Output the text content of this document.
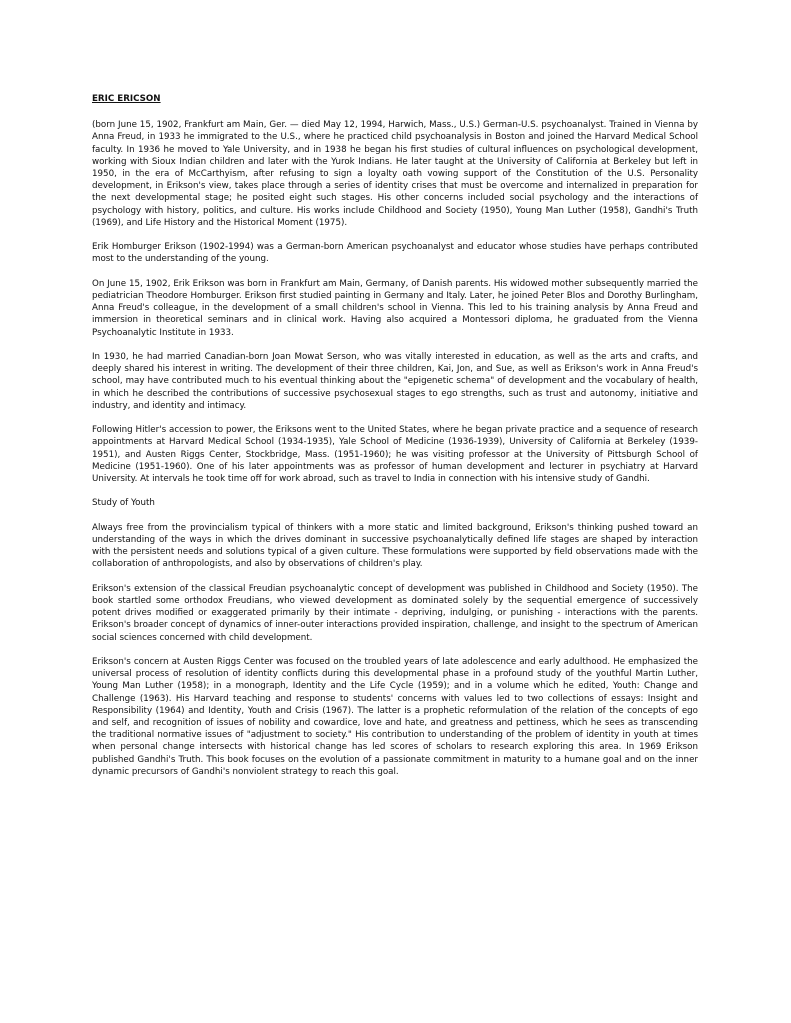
ERIC ERICSON

(born June 15, 1902, Frankfurt am Main, Ger. — died May 12, 1994, Harwich, Mass., U.S.) German-U.S. psychoanalyst. Trained in Vienna by Anna Freud, in 1933 he immigrated to the U.S., where he practiced child psychoanalysis in Boston and joined the Harvard Medical School faculty. In 1936 he moved to Yale University, and in 1938 he began his first studies of cultural influences on psychological development, working with Sioux Indian children and later with the Yurok Indians. He later taught at the University of California at Berkeley but left in 1950, in the era of McCarthyism, after refusing to sign a loyalty oath vowing support of the Constitution of the U.S. Personality development, in Erikson's view, takes place through a series of identity crises that must be overcome and internalized in preparation for the next developmental stage; he posited eight such stages. His other concerns included social psychology and the interactions of psychology with history, politics, and culture. His works include Childhood and Society (1950), Young Man Luther (1958), Gandhi's Truth (1969), and Life History and the Historical Moment (1975).

Erik Homburger Erikson (1902-1994) was a German-born American psychoanalyst and educator whose studies have perhaps contributed most to the understanding of the young.

On June 15, 1902, Erik Erikson was born in Frankfurt am Main, Germany, of Danish parents. His widowed mother subsequently married the pediatrician Theodore Homburger. Erikson first studied painting in Germany and Italy. Later, he joined Peter Blos and Dorothy Burlingham, Anna Freud's colleague, in the development of a small children's school in Vienna. This led to his training analysis by Anna Freud and immersion in theoretical seminars and in clinical work. Having also acquired a Montessori diploma, he graduated from the Vienna Psychoanalytic Institute in 1933.

In 1930, he had married Canadian-born Joan Mowat Serson, who was vitally interested in education, as well as the arts and crafts, and deeply shared his interest in writing. The development of their three children, Kai, Jon, and Sue, as well as Erikson's work in Anna Freud's school, may have contributed much to his eventual thinking about the "epigenetic schema" of development and the vocabulary of health, in which he described the contributions of successive psychosexual stages to ego strengths, such as trust and autonomy, initiative and industry, and identity and intimacy.

Following Hitler's accession to power, the Eriksons went to the United States, where he began private practice and a sequence of research appointments at Harvard Medical School (1934-1935), Yale School of Medicine (1936-1939), University of California at Berkeley (1939-1951), and Austen Riggs Center, Stockbridge, Mass. (1951-1960); he was visiting professor at the University of Pittsburgh School of Medicine (1951-1960). One of his later appointments was as professor of human development and lecturer in psychiatry at Harvard University. At intervals he took time off for work abroad, such as travel to India in connection with his intensive study of Gandhi.

Study of Youth

Always free from the provincialism typical of thinkers with a more static and limited background, Erikson's thinking pushed toward an understanding of the ways in which the drives dominant in successive psychoanalytically defined life stages are shaped by interaction with the persistent needs and solutions typical of a given culture. These formulations were supported by field observations made with the collaboration of anthropologists, and also by observations of children's play.

Erikson's extension of the classical Freudian psychoanalytic concept of development was published in Childhood and Society (1950). The book startled some orthodox Freudians, who viewed development as dominated solely by the sequential emergence of successively potent drives modified or exaggerated primarily by their intimate - depriving, indulging, or punishing - interactions with the parents. Erikson's broader concept of dynamics of inner-outer interactions provided inspiration, challenge, and insight to the spectrum of American social sciences concerned with child development.

Erikson's concern at Austen Riggs Center was focused on the troubled years of late adolescence and early adulthood. He emphasized the universal process of resolution of identity conflicts during this developmental phase in a profound study of the youthful Martin Luther, Young Man Luther (1958); in a monograph, Identity and the Life Cycle (1959); and in a volume which he edited, Youth: Change and Challenge (1963). His Harvard teaching and response to students' concerns with values led to two collections of essays: Insight and Responsibility (1964) and Identity, Youth and Crisis (1967). The latter is a prophetic reformulation of the relation of the concepts of ego and self, and recognition of issues of nobility and cowardice, love and hate, and greatness and pettiness, which he sees as transcending the traditional normative issues of "adjustment to society." His contribution to understanding of the problem of identity in youth at times when personal change intersects with historical change has led scores of scholars to research exploring this area. In 1969 Erikson published Gandhi's Truth. This book focuses on the evolution of a passionate commitment in maturity to a humane goal and on the inner dynamic precursors of Gandhi's nonviolent strategy to reach this goal.
